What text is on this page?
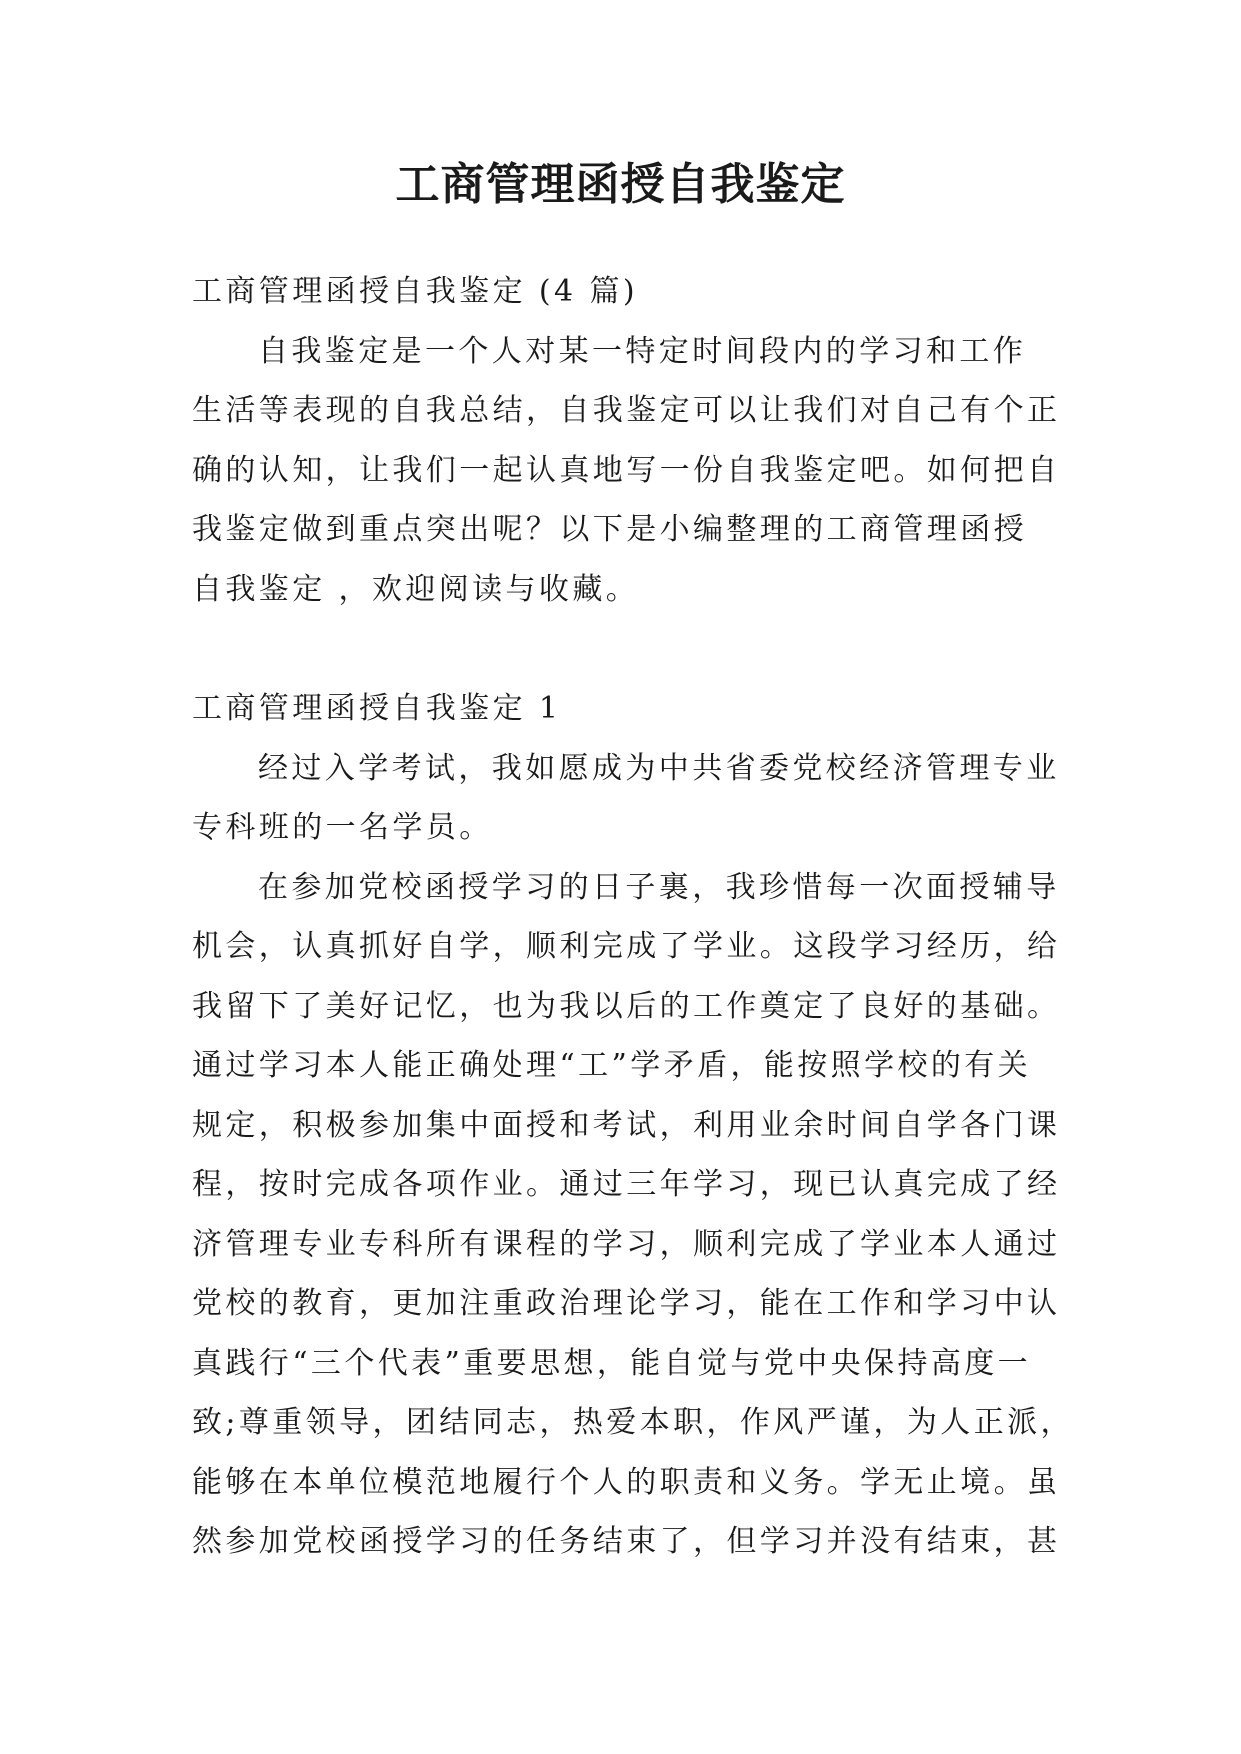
工商管理函授自我鉴定

工商管理函授自我鉴定 (4 篇)

自我鉴定是一个人对某一特定时间段内的学习和工作
生活等表现的自我总结，自我鉴定可以让我们对自己有个正
确的认知，让我们一起认真地写一份自我鉴定吧。如何把自
我鉴定做到重点突出呢？以下是小编整理的工商管理函授
自我鉴定 ，欢迎阅读与收藏。

工商管理函授自我鉴定 1

经过入学考试，我如愿成为中共省委党校经济管理专业
专科班的一名学员。

在参加党校函授学习的日子裏，我珍惜每一次面授辅导
机会，认真抓好自学，顺利完成了学业。这段学习经历，给
我留下了美好记忆，也为我以后的工作奠定了良好的基础。
通过学习本人能正确处理“工”学矛盾，能按照学校的有关
规定，积极参加集中面授和考试，利用业余时间自学各门课
程，按时完成各项作业。通过三年学习，现已认真完成了经
济管理专业专科所有课程的学习，顺利完成了学业本人通过
党校的教育，更加注重政治理论学习，能在工作和学习中认
真践行“三个代表”重要思想，能自觉与党中央保持高度一
致;尊重领导，团结同志，热爱本职，作风严谨，为人正派，
能够在本单位模范地履行个人的职责和义务。学无止境。虽
然参加党校函授学习的任务结束了，但学习并没有结束，甚
